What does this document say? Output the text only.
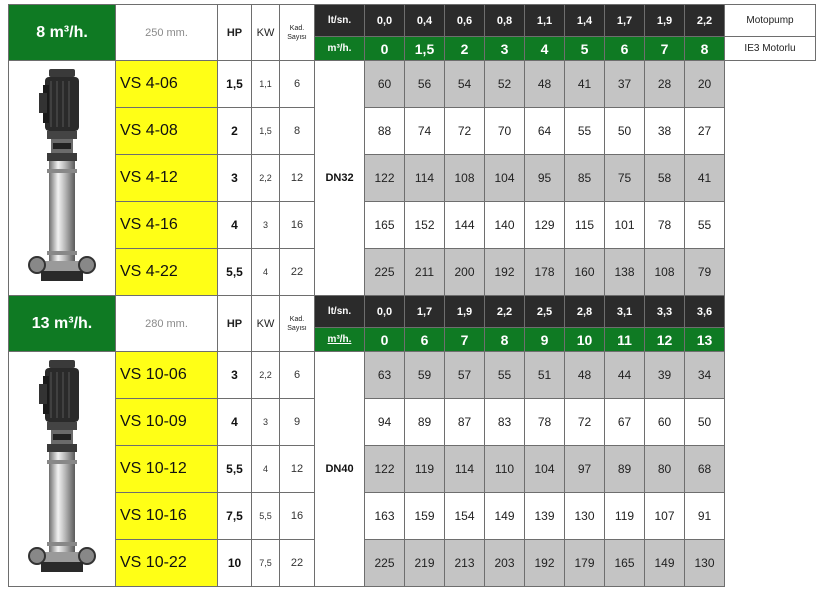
8 m³/h.	250 mm.	HP	KW	Kad. Sayısı	lt/sn.	0,0	0,4	0,6	0,8	1,1	1,4	1,7	1,9	2,2	Motopump
					m³/h.	0	1,5	2	3	4	5	6	7	8	IE3 Motorlu
	VS 4-06	1,5	1,1	6	DN32	60	56	54	52	48	41	37	28	20	
	VS 4-08	2	1,5	8		88	74	72	70	64	55	50	38	27	
	VS 4-12	3	2,2	12		122	114	108	104	95	85	75	58	41	
	VS 4-16	4	3	16		165	152	144	140	129	115	101	78	55	
	VS 4-22	5,5	4	22		225	211	200	192	178	160	138	108	79	
13 m³/h.	280 mm.	HP	KW	Kad. Sayısı	lt/sn.	0,0	1,7	1,9	2,2	2,5	2,8	3,1	3,3	3,6	
					m³/h.	0	6	7	8	9	10	11	12	13	
	VS 10-06	3	2,2	6	DN40	63	59	57	55	51	48	44	39	34	
	VS 10-09	4	3	9		94	89	87	83	78	72	67	60	50	
	VS 10-12	5,5	4	12		122	119	114	110	104	97	89	80	68	
	VS 10-16	7,5	5,5	16		163	159	154	149	139	130	119	107	91	
	VS 10-22	10	7,5	22		225	219	213	203	192	179	165	149	130	
